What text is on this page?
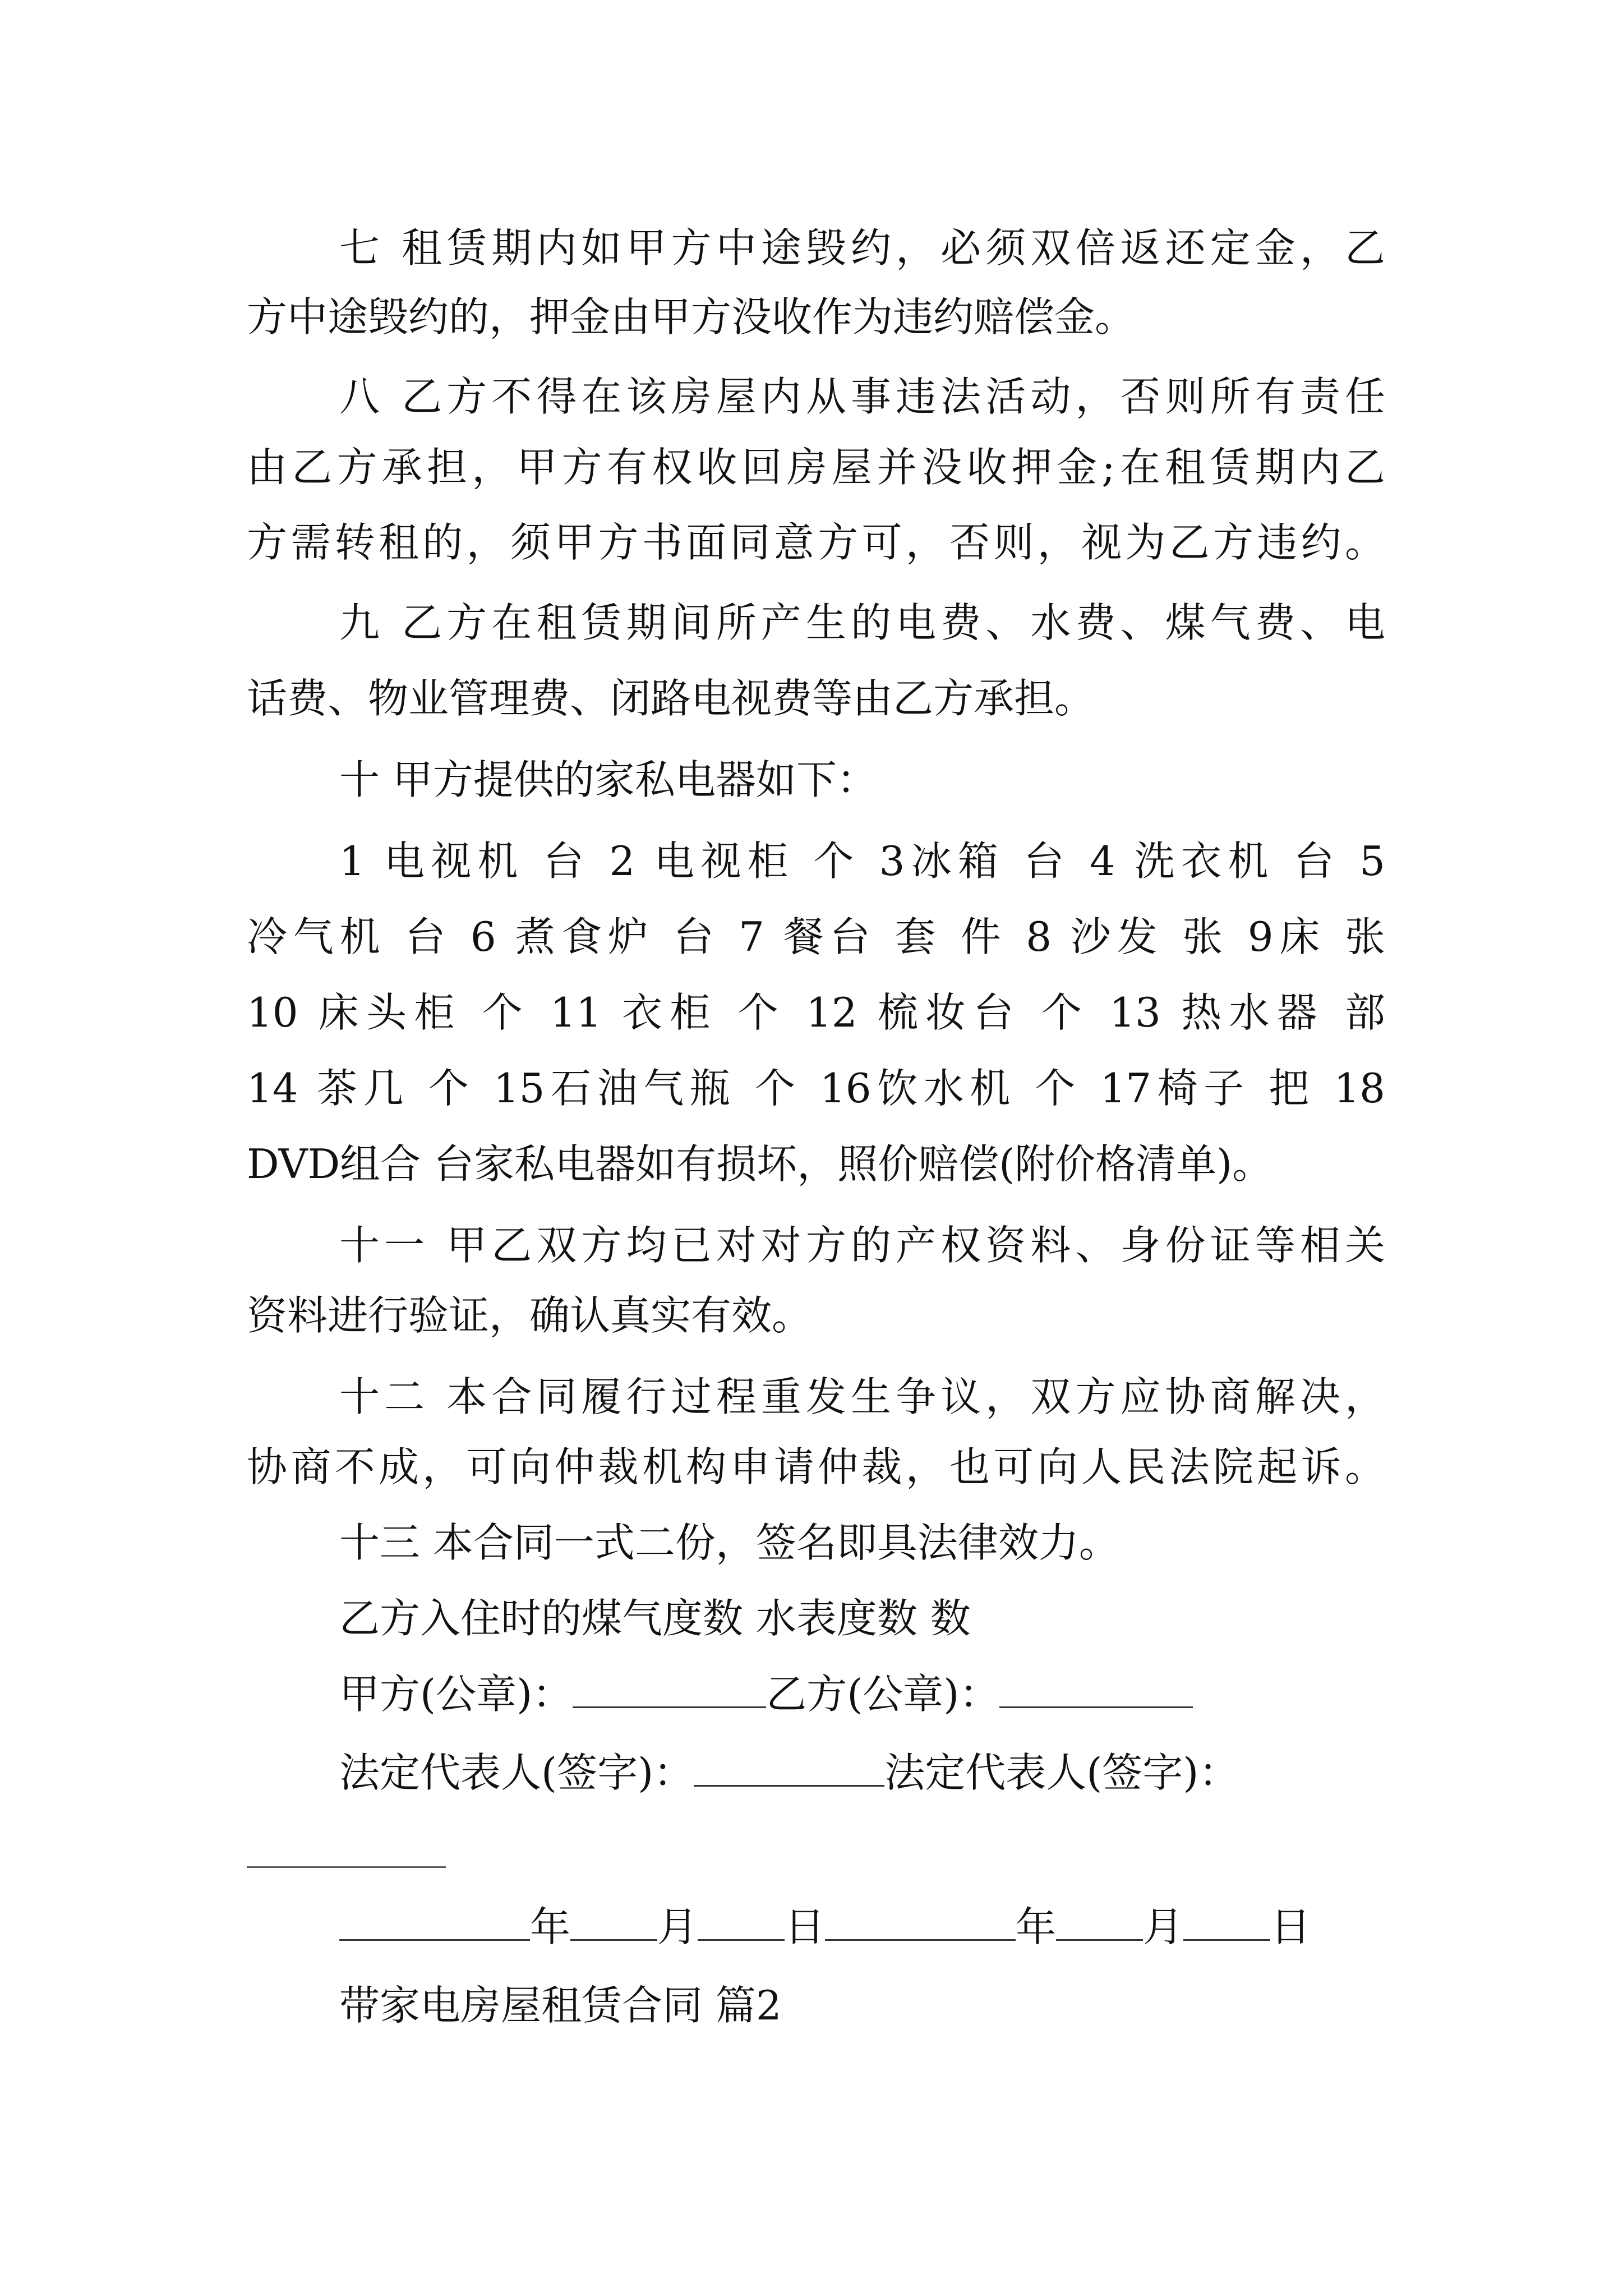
七 租赁期内如甲方中途毁约，必须双倍返还定金，乙
方中途毁约的，押金由甲方没收作为违约赔偿金。
八 乙方不得在该房屋内从事违法活动，否则所有责任
由乙方承担，甲方有权收回房屋并没收押金;在租赁期内乙
方需转租的，须甲方书面同意方可，否则，视为乙方违约。
九 乙方在租赁期间所产生的电费、水费、煤气费、电
话费、物业管理费、闭路电视费等由乙方承担。
十 甲方提供的家私电器如下：
1 电视机 台 2 电视柜 个 3冰箱 台 4 洗衣机 台 5
冷气机 台 6 煮食炉 台 7 餐台 套 件 8 沙发 张 9床 张
10 床头柜 个 11 衣柜 个 12 梳妆台 个 13 热水器 部
14 茶几 个 15石油气瓶 个 16饮水机 个 17椅子 把 18
DVD组合 台家私电器如有损坏，照价赔偿(附价格清单)。
十一 甲乙双方均已对对方的产权资料、身份证等相关
资料进行验证，确认真实有效。
十二 本合同履行过程重发生争议，双方应协商解决，
协商不成，可向仲裁机构申请仲裁，也可向人民法院起诉。
十三 本合同一式二份，签名即具法律效力。
乙方入住时的煤气度数 水表度数 数
甲方(公章)：	乙方(公章)：
法定代表人(签字)：	法定代表人(签字)：
年 月 日	年 月 日
带家电房屋租赁合同 篇2
